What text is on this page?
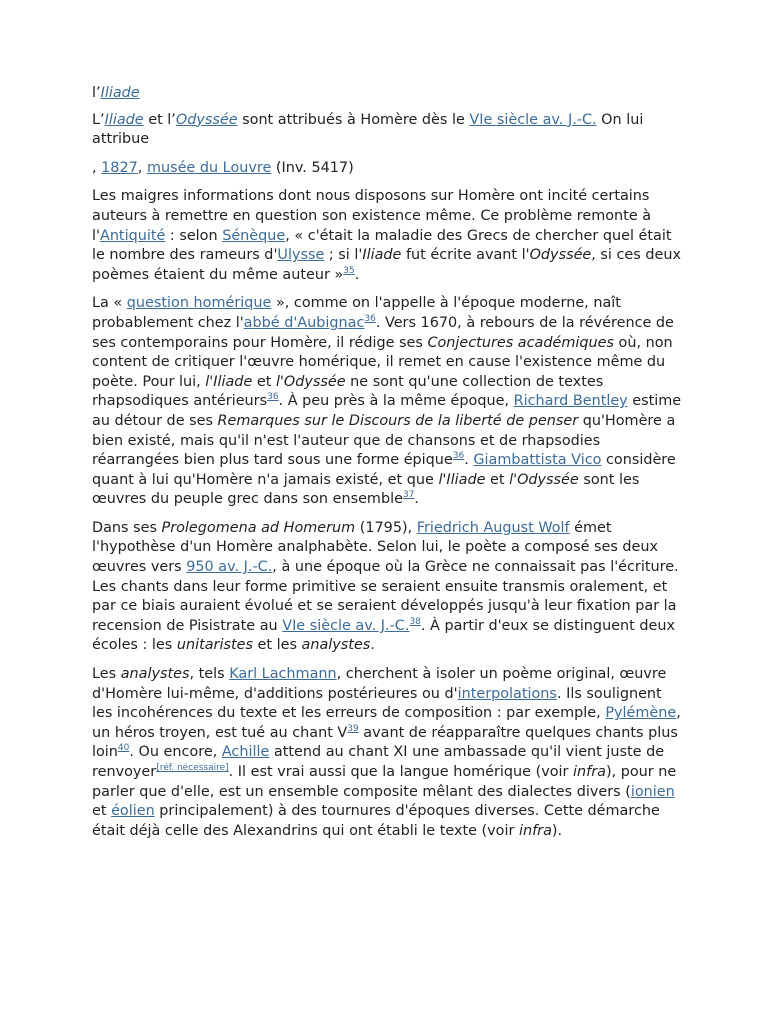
l’Iliade

L’Iliade et l’Odyssée sont attribués à Homère dès le VIe siècle av. J.-C. On lui attribue

, 1827, musée du Louvre (Inv. 5417)

Les maigres informations dont nous disposons sur Homère ont incité certains auteurs à remettre en question son existence même. Ce problème remonte à l'Antiquité : selon Sénèque, « c'était la maladie des Grecs de chercher quel était le nombre des rameurs d'Ulysse ; si l'Iliade fut écrite avant l'Odyssée, si ces deux poèmes étaient du même auteur »$^{35}$.

La « question homérique », comme on l'appelle à l'époque moderne, naît probablement chez l'abbé d'Aubignac$^{36}$. Vers 1670, à rebours de la révérence de ses contemporains pour Homère, il rédige ses Conjectures académiques où, non content de critiquer l'œuvre homérique, il remet en cause l'existence même du poète. Pour lui, l'Iliade et l'Odyssée ne sont qu'une collection de textes rhapsodiques antérieurs$^{36}$. À peu près à la même époque, Richard Bentley estime au détour de ses Remarques sur le Discours de la liberté de penser qu'Homère a bien existé, mais qu'il n'est l'auteur que de chansons et de rhapsodies réarrangées bien plus tard sous une forme épique$^{36}$. Giambattista Vico considère quant à lui qu'Homère n'a jamais existé, et que l'Iliade et l'Odyssée sont les œuvres du peuple grec dans son ensemble$^{37}$.

Dans ses Prolegomena ad Homerum (1795), Friedrich August Wolf émet l'hypothèse d'un Homère analphabète. Selon lui, le poète a composé ses deux œuvres vers 950 av. J.-C., à une époque où la Grèce ne connaissait pas l'écriture. Les chants dans leur forme primitive se seraient ensuite transmis oralement, et par ce biais auraient évolué et se seraient développés jusqu'à leur fixation par la recension de Pisistrate au VIe siècle av. J.-C.$^{38}$. À partir d'eux se distinguent deux écoles : les unitaristes et les analystes.

Les analystes, tels Karl Lachmann, cherchent à isoler un poème original, œuvre d'Homère lui-même, d'additions postérieures ou d'interpolations. Ils soulignent les incohérences du texte et les erreurs de composition : par exemple, Pylémène, un héros troyen, est tué au chant V$^{39}$ avant de réapparaître quelques chants plus loin$^{40}$. Ou encore, Achille attend au chant XI une ambassade qu'il vient juste de renvoyer[réf. nécessaire]. Il est vrai aussi que la langue homérique (voir infra), pour ne parler que d'elle, est un ensemble composite mêlant des dialectes divers (ionien et éolien principalement) à des tournures d'époques diverses. Cette démarche était déjà celle des Alexandrins qui ont établi le texte (voir infra).
